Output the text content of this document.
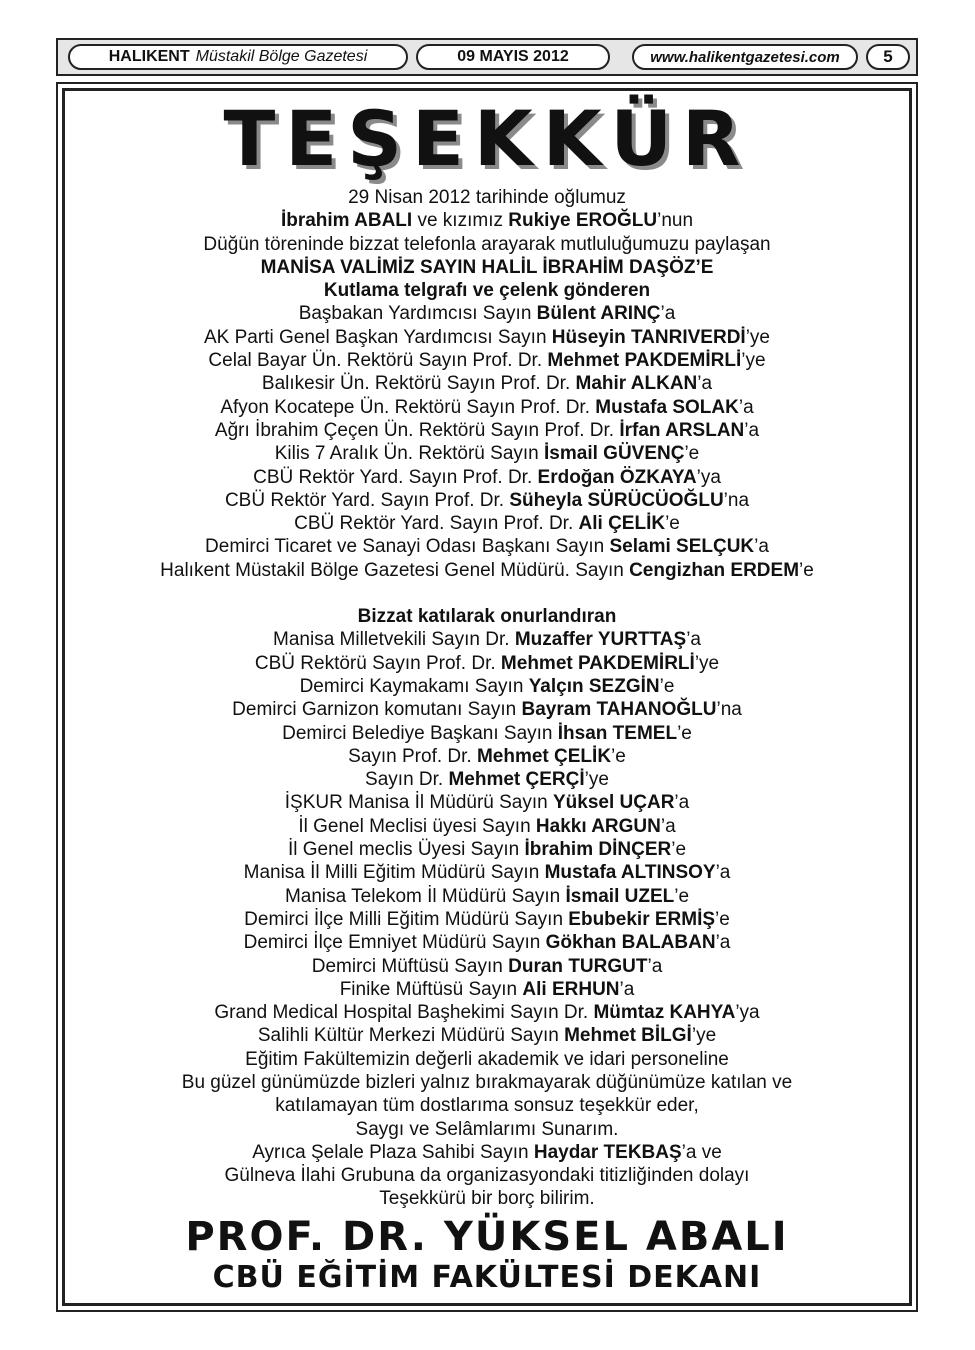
HALIKENT Müstakil Bölge Gazetesi	09 MAYIS 2012	www.halikentgazetesi.com	5
TEŞEKKÜR
29 Nisan 2012 tarihinde oğlumuz
İbrahim ABALI ve kızımız Rukiye EROĞLU’nun
Düğün töreninde bizzat telefonla arayarak mutluluğumuzu paylaşan
MANİSA VALİMİZ SAYIN HALİL İBRAHİM DAŞÖZ’E
Kutlama telgrafı ve çelenk gönderen
Başbakan Yardımcısı Sayın Bülent ARINÇ’a
AK Parti Genel Başkan Yardımcısı Sayın Hüseyin TANRIVERDİ’ye
Celal Bayar Ün. Rektörü Sayın Prof. Dr. Mehmet PAKDEMİRLİ’ye
Balıkesir Ün. Rektörü Sayın Prof. Dr. Mahir ALKAN’a
Afyon Kocatepe Ün. Rektörü Sayın Prof. Dr. Mustafa SOLAK’a
Ağrı İbrahim Çeçen Ün. Rektörü Sayın Prof. Dr. İrfan ARSLAN’a
Kilis 7 Aralık Ün. Rektörü Sayın İsmail GÜVENÇ’e
CBÜ Rektör Yard. Sayın Prof. Dr. Erdoğan ÖZKAYA’ya
CBÜ Rektör Yard. Sayın Prof. Dr. Süheyla SÜRÜCÜOĞLU’na
CBÜ Rektör Yard. Sayın Prof. Dr. Ali ÇELİK’e
Demirci Ticaret ve Sanayi Odası Başkanı Sayın Selami SELÇUK’a
Halıkent Müstakil Bölge Gazetesi Genel Müdürü. Sayın Cengizhan ERDEM’e
Bizzat katılarak onurlandıran
Manisa Milletvekili Sayın Dr. Muzaffer YURTTAŞ’a
CBÜ Rektörü Sayın Prof. Dr. Mehmet PAKDEMİRLİ’ye
Demirci Kaymakamı Sayın Yalçın SEZGİN’e
Demirci Garnizon komutanı Sayın Bayram TAHANOĞLU’na
Demirci Belediye Başkanı Sayın İhsan TEMEL’e
Sayın Prof. Dr. Mehmet ÇELİK’e
Sayın Dr. Mehmet ÇERÇİ’ye
İŞKUR Manisa İl Müdürü Sayın Yüksel UÇAR’a
İl Genel Meclisi üyesi Sayın Hakkı ARGUN’a
İl Genel meclis Üyesi Sayın İbrahim DİNÇER’e
Manisa İl Milli Eğitim Müdürü Sayın Mustafa ALTINSOY’a
Manisa Telekom İl Müdürü Sayın İsmail UZEL’e
Demirci İlçe Milli Eğitim Müdürü Sayın Ebubekir ERMİŞ’e
Demirci İlçe Emniyet Müdürü Sayın Gökhan BALABAN’a
Demirci Müftüsü Sayın Duran TURGUT’a
Finike Müftüsü Sayın Ali ERHUN’a
Grand Medical Hospital Başhekimi Sayın Dr. Mümtaz KAHYA’ya
Salihli Kültür Merkezi Müdürü Sayın Mehmet BİLGİ’ye
Eğitim Fakültemizin değerli akademik ve idari personeline
Bu güzel günümüzde bizleri yalnız bırakmayarak düğünümüze katılan ve
katılamayan tüm dostlarıma sonsuz teşekkür eder,
Saygı ve Selâmlarımı Sunarım.
Ayrıca Şelale Plaza Sahibi Sayın Haydar TEKBAŞ’a ve
Gülneva İlahi Grubuna da organizasyondaki titizliğinden dolayı
Teşekkürü bir borç bilirim.
PROF. DR. YÜKSEL ABALI
CBÜ EĞİTİM FAKÜLTESİ DEKANI
